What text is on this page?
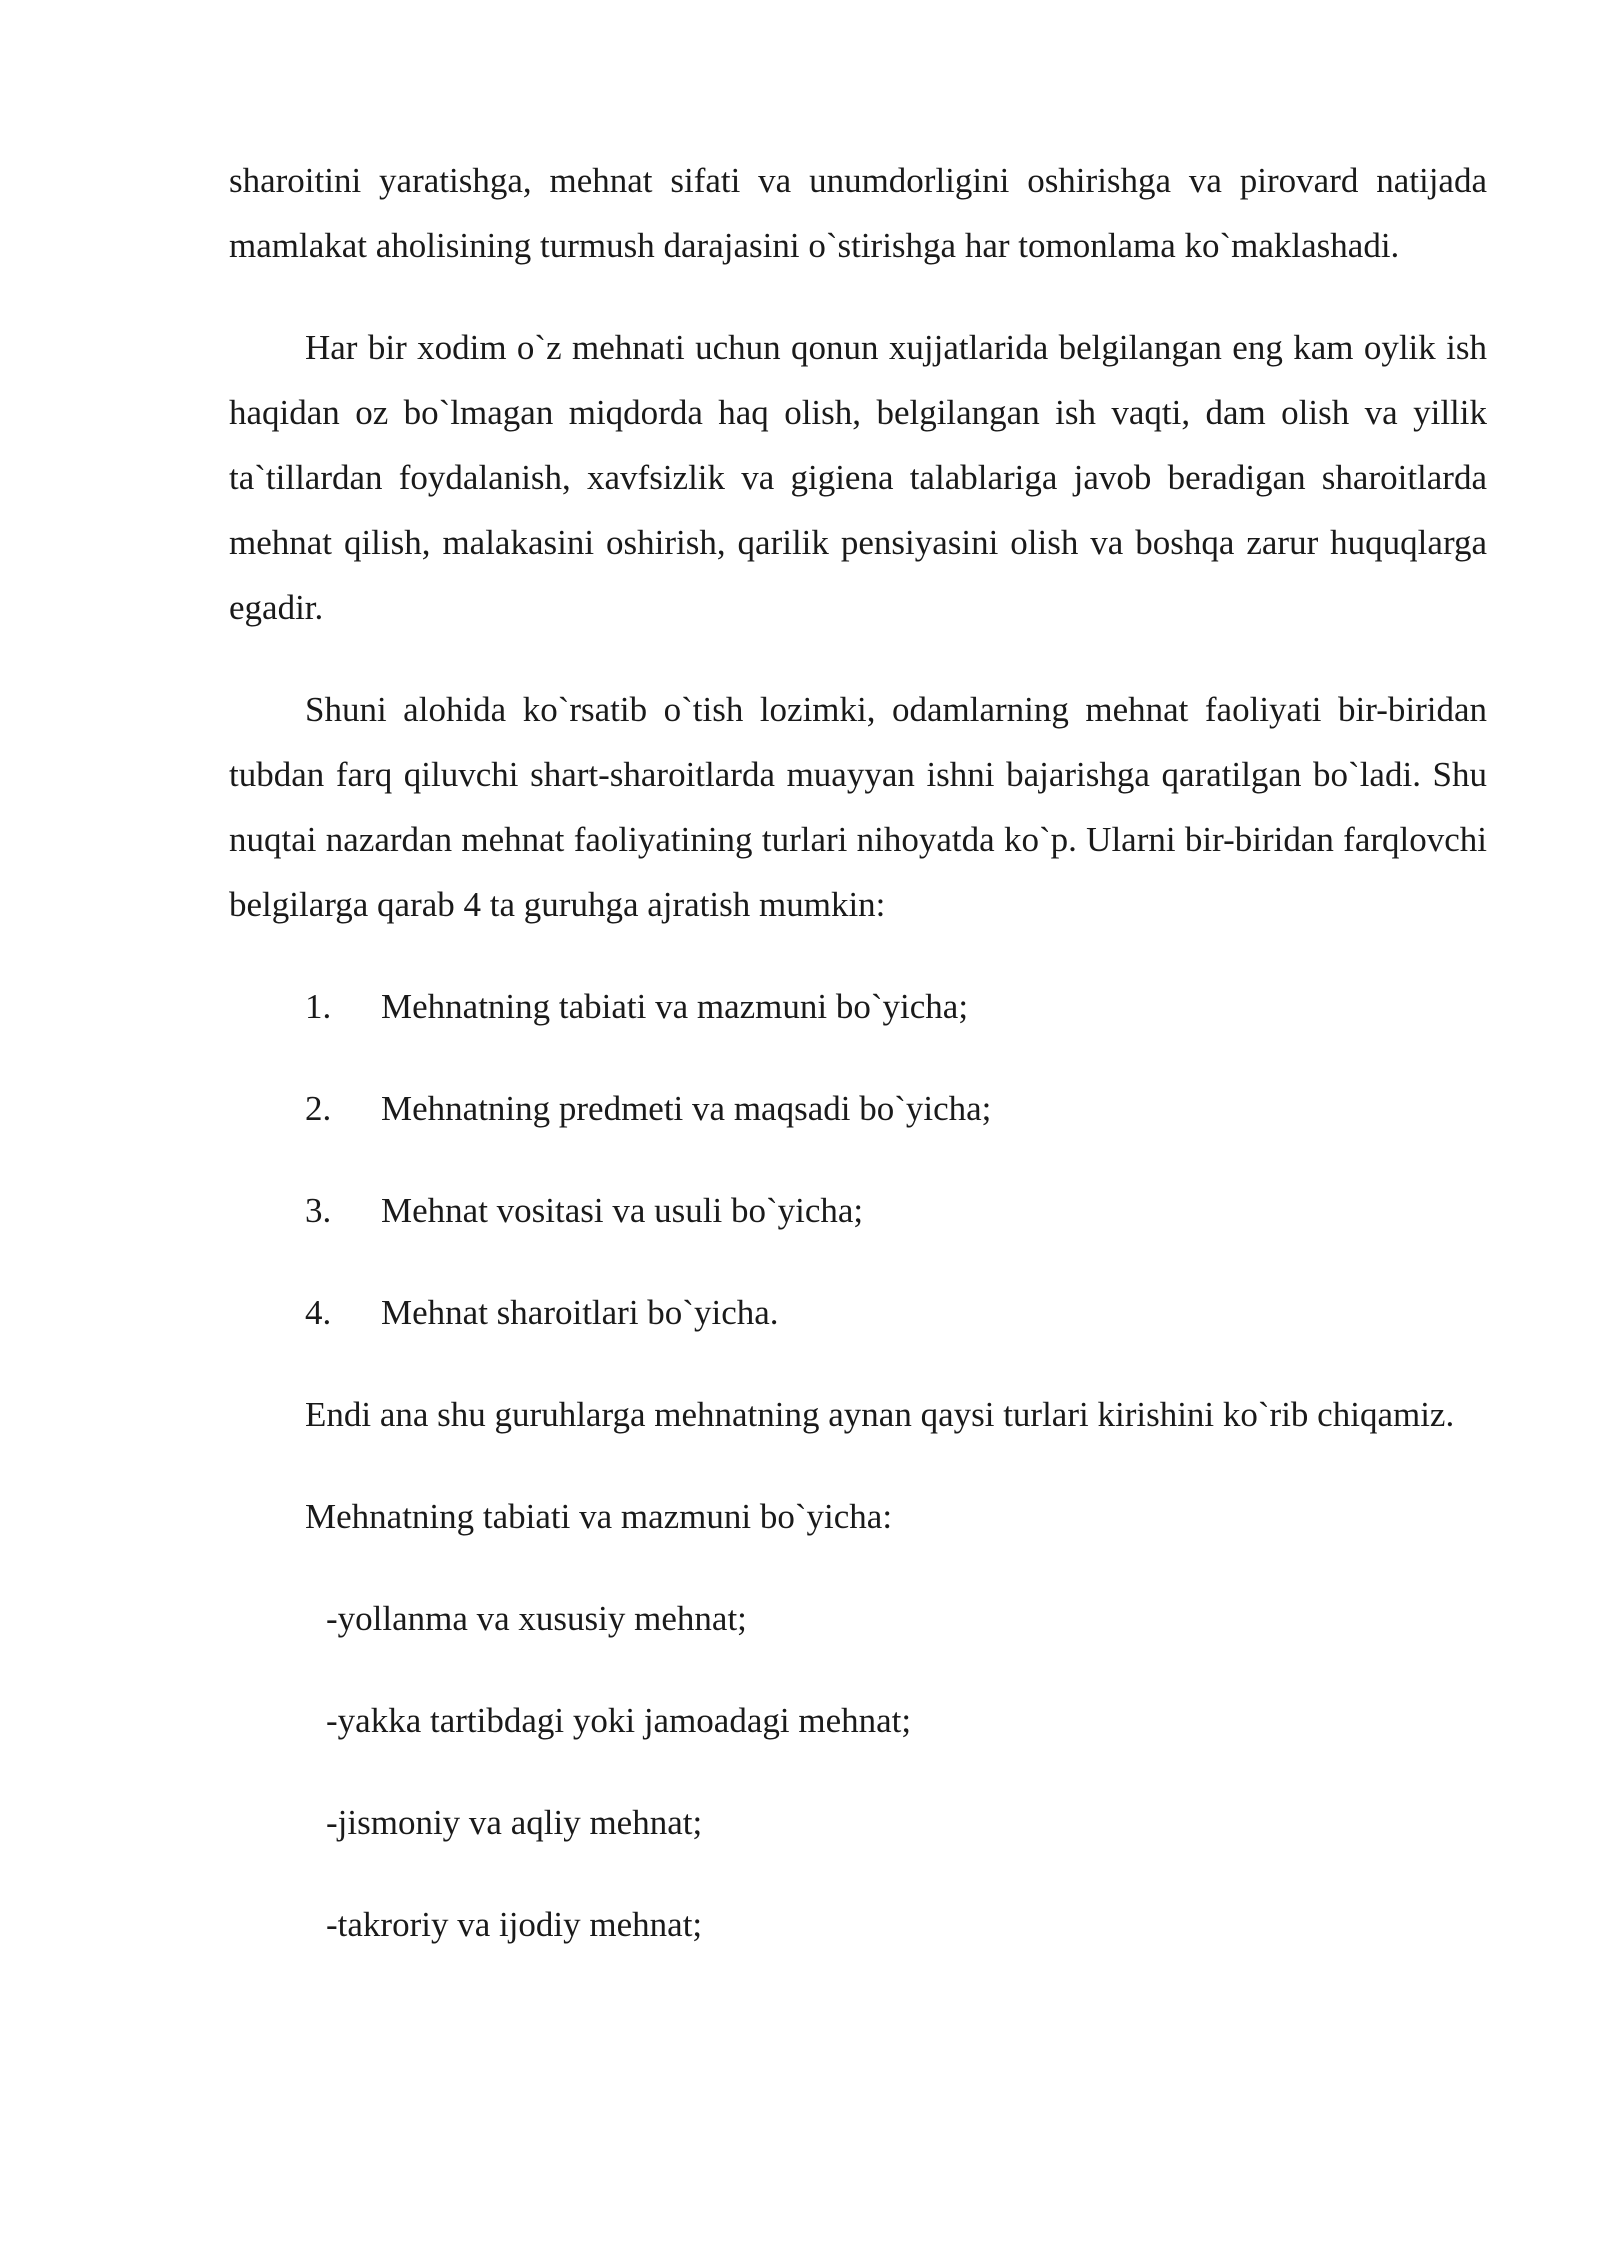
sharoitini yaratishga, mehnat sifati va unumdorligini oshirishga va pirovard natijada mamlakat aholisining turmush darajasini o`stirishga har tomonlama ko`maklashadi.

Har bir xodim o`z mehnati uchun qonun xujjatlarida belgilangan eng kam oylik ish haqidan oz bo`lmagan miqdorda haq olish, belgilangan ish vaqti, dam olish va yillik ta`tillardan foydalanish, xavfsizlik va gigiena talablariga javob beradigan sharoitlarda mehnat qilish, malakasini oshirish, qarilik pensiyasini olish va boshqa zarur huquqlarga egadir.

Shuni alohida ko`rsatib o`tish lozimki, odamlarning mehnat faoliyati bir-biridan tubdan farq qiluvchi shart-sharoitlarda muayyan ishni bajarishga qaratilgan bo`ladi. Shu nuqtai nazardan mehnat faoliyatining turlari nihoyatda ko`p. Ularni bir-biridan farqlovchi belgilarga qarab 4 ta guruhga ajratish mumkin:

1. Mehnatning tabiati va mazmuni bo`yicha;
2. Mehnatning predmeti va maqsadi bo`yicha;
3. Mehnat vositasi va usuli bo`yicha;
4. Mehnat sharoitlari bo`yicha.

Endi ana shu guruhlarga mehnatning aynan qaysi turlari kirishini ko`rib chiqamiz.

Mehnatning tabiati va mazmuni bo`yicha:
-yollanma va xususiy mehnat;
-yakka tartibdagi yoki jamoadagi mehnat;
-jismoniy va aqliy mehnat;
-takroriy va ijodiy mehnat;
